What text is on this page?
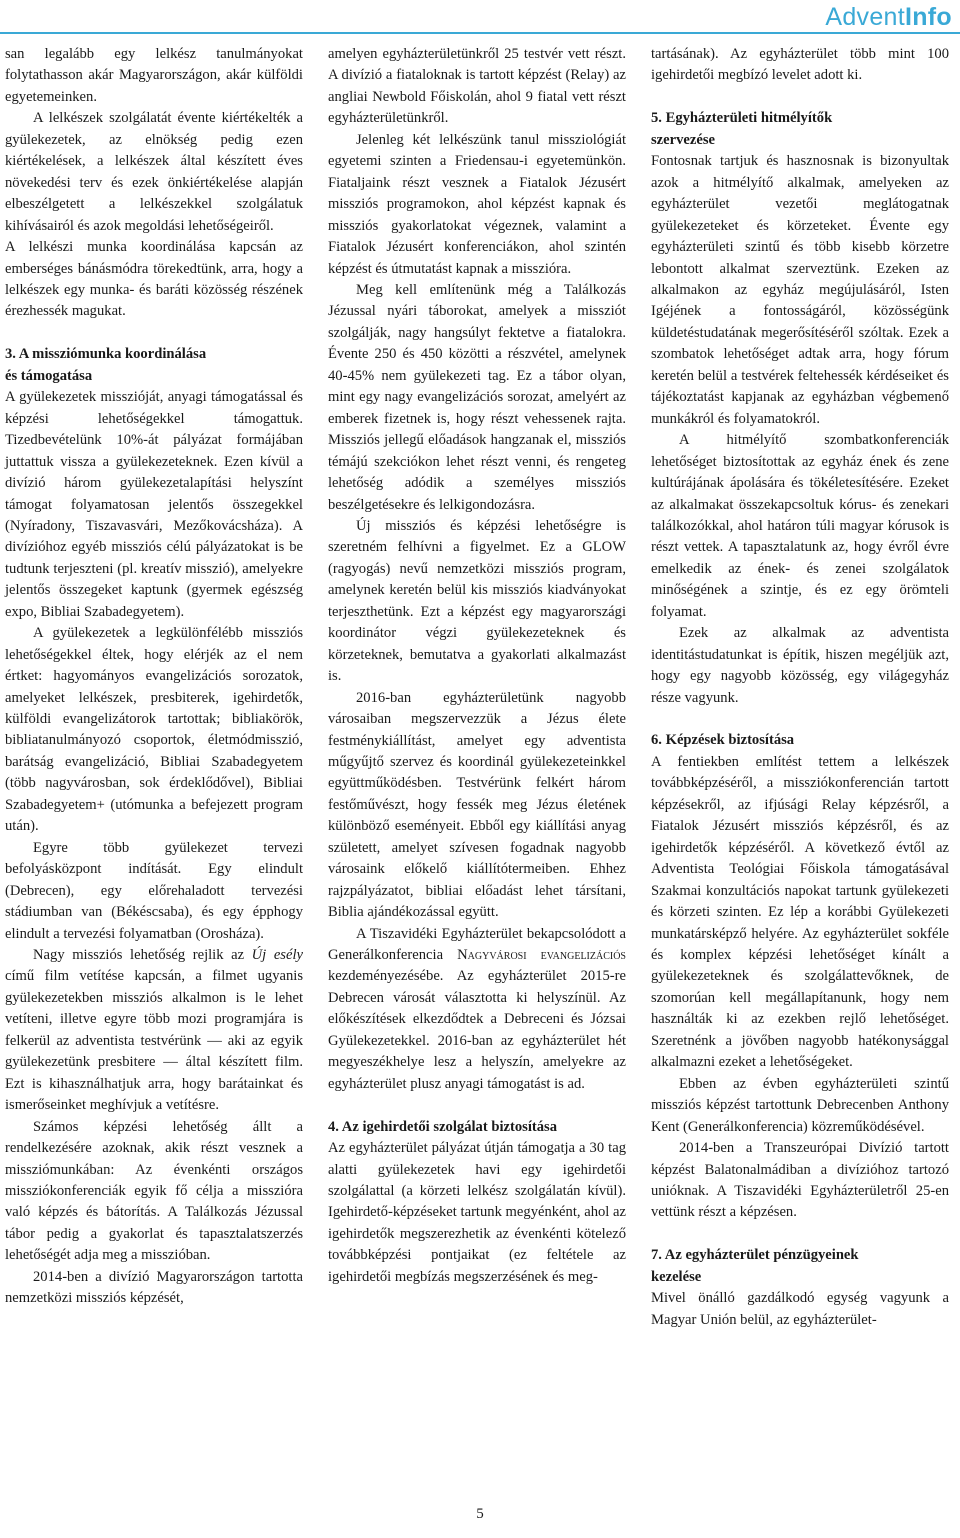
AdventInfo

san legalább egy lelkész tanulmányokat folytathasson akár Magyarországon, akár külföldi egyetemeinken.

A lelkészek szolgálatát évente kiértékelték a gyülekezetek, az elnökség pedig ezen kiértékelések, a lelkészek által készített éves növekedési terv és ezek önkiértékelése alapján elbeszélgetett a lelkészekkel szolgálatuk kihívásairól és azok megoldási lehetőségeiről.

A lelkészi munka koordinálása kapcsán az emberséges bánásmódra törekedtünk, arra, hogy a lelkészek egy munka- és baráti közösség részének érezhessék magukat.

3. A missziómunka koordinálása
és támogatása

A gyülekezetek misszióját, anyagi támogatással és képzési lehetőségekkel támogattuk. Tizedbevételünk 10%-át pályázat formájában juttattuk vissza a gyülekezeteknek. Ezen kívül a divízió három gyülekezetalapítási helyszínt támogat folyamatosan jelentős összegekkel (Nyíradony, Tiszavasvári, Mezőkovácsháza). A divízióhoz egyéb missziós célú pályázatokat is be tudtunk terjeszteni (pl. kreatív misszió), amelyekre jelentős összegeket kaptunk (gyermek egészség expo, Bibliai Szabadegyetem).

A gyülekezetek a legkülönfélébb missziós lehetőségekkel éltek, hogy elérjék az el nem értket: hagyományos evangelizációs sorozatok, amelyeket lelkészek, presbiterek, igehirdetők, külföldi evangelizátorok tartottak; bibliakörök, bibliatanulmányozó csoportok, életmódmisszió, barátság evangelizáció, Bibliai Szabadegyetem (több nagyvárosban, sok érdeklődővel), Bibliai Szabadegyetem+ (utómunka a befejezett program után).

Egyre több gyülekezet tervezi befolyásközpont indítását. Egy elindult (Debrecen), egy előrehaladott tervezési stádiumban van (Békéscsaba), és egy épphogy elindult a tervezési folyamatban (Orosháza).

Nagy missziós lehetőség rejlik az Új esély című film vetítése kapcsán, a filmet ugyanis gyülekezetekben missziós alkalmon is le lehet vetíteni, illetve egyre több mozi programjára is felkerül az adventista testvérünk — aki az egyik gyülekezetünk presbitere — által készített film. Ezt is kihasználhatjuk arra, hogy barátainkat és ismerőseinket meghívjuk a vetítésre.

Számos képzési lehetőség állt a rendelkezésére azoknak, akik részt vesznek a missziómunkában: Az évenkénti országos missziókonferenciák egyik fő célja a misszióra való képzés és bátorítás. A Találkozás Jézussal tábor pedig a gyakorlat és tapasztalatszerzés lehetőségét adja meg a misszióban.

2014-ben a divízió Magyarországon tartotta nemzetközi missziós képzését,

amelyen egyházterületünkről 25 testvér vett részt. A divízió a fiataloknak is tartott képzést (Relay) az angliai Newbold Főiskolán, ahol 9 fiatal vett részt egyházterületünkről.

Jelenleg két lelkészünk tanul missziológiát egyetemi szinten a Friedensau-i egyetemünkön. Fiataljaink részt vesznek a Fiatalok Jézusért missziós programokon, ahol képzést kapnak és missziós gyakorlatokat végeznek, valamint a Fiatalok Jézusért konferenciákon, ahol szintén képzést és útmutatást kapnak a misszióra.

Meg kell említenünk még a Találkozás Jézussal nyári táborokat, amelyek a missziót szolgálják, nagy hangsúlyt fektetve a fiatalokra. Évente 250 és 450 közötti a részvétel, amelynek 40-45% nem gyülekezeti tag. Ez a tábor olyan, mint egy nagy evangelizációs sorozat, amelyért az emberek fizetnek is, hogy részt vehessenek rajta. Missziós jellegű előadások hangzanak el, missziós témájú szekciókon lehet részt venni, és rengeteg lehetőség adódik a személyes missziós beszélgetésekre és lelkigondozásra.

Új missziós és képzési lehetőségre is szeretném felhívni a figyelmet. Ez a GLOW (ragyogás) nevű nemzetközi missziós program, amelynek keretén belül kis missziós kiadványokat terjeszthetünk. Ezt a képzést egy magyarországi koordinátor végzi gyülekezeteknek és körzeteknek, bemutatva a gyakorlati alkalmazást is.

2016-ban egyházterületünk nagyobb városaiban megszervezzük a Jézus élete festménykiállítást, amelyet egy adventista műgyűjtő szervez és koordinál gyülekezeteinkkel együttműködésben. Testvérünk felkért három festőművészt, hogy fessék meg Jézus életének különböző eseményeit. Ebből egy kiállítási anyag született, amelyet szívesen fogadnak nagyobb városaink előkelő kiállítótermeiben. Ehhez rajzpályázatot, bibliai előadást lehet társítani, Biblia ajándékozással együtt.

A Tiszavidéki Egyházterület bekapcsolódott a Generálkonferencia Nagyvárosi evangelizációs kezdeményezésébe. Az egyházterület 2015-re Debrecen városát választotta ki helyszínül. Az előkészítések elkezdődtek a Debreceni és Józsai Gyülekezetekkel. 2016-ban az egyházterület hét megyeszékhelye lesz a helyszín, amelyekre az egyházterület plusz anyagi támogatást is ad.

4. Az igehirdetői szolgálat biztosítása

Az egyházterület pályázat útján támogatja a 30 tag alatti gyülekezetek havi egy igehirdetői szolgálattal (a körzeti lelkész szolgálatán kívül). Igehirdető-képzéseket tartunk megyénként, ahol az igehirdetők megszerezhetik az évenkénti kötelező továbbképzési pontjaikat (ez feltétele az igehirdetői megbízás megszerzésének és meg-

tartásának). Az egyházterület több mint 100 igehirdetői megbízó levelet adott ki.

5. Egyházterületi hitmélyítők
szervezése

Fontosnak tartjuk és hasznosnak is bizonyultak azok a hitmélyítő alkalmak, amelyeken az egyházterület vezetői meglátogatnak gyülekezeteket és körzeteket. Évente egy egyházterületi szintű és több kisebb körzetre lebontott alkalmat szerveztünk. Ezeken az alkalmakon az egyház megújulásáról, Isten Igéjének a fontosságáról, közösségünk küldetéstudatának megerősítéséről szóltak. Ezek a szombatok lehetőséget adtak arra, hogy fórum keretén belül a testvérek feltehessék kérdéseiket és tájékoztatást kapjanak az egyházban végbemenő munkákról és folyamatokról.

A hitmélyítő szombatkonferenciák lehetőséget biztosítottak az egyház ének és zene kultúrájának ápolására és tökéletesítésére. Ezeket az alkalmakat összekapcsoltuk kórus- és zenekari találkozókkal, ahol határon túli magyar kórusok is részt vettek. A tapasztalatunk az, hogy évről évre emelkedik az ének- és zenei szolgálatok minőségének a szintje, és ez egy örömteli folyamat.

Ezek az alkalmak az adventista identitástudatunkat is építik, hiszen megéljük azt, hogy egy nagyobb közösség, egy világegyház része vagyunk.

6. Képzések biztosítása

A fentiekben említést tettem a lelkészek továbbképzéséről, a missziókonferencián tartott képzésekről, az ifjúsági Relay képzésről, a Fiatalok Jézusért missziós képzésről, és az igehirdetők képzéséről. A következő évtől az Adventista Teológiai Főiskola támogatásával Szakmai konzultációs napokat tartunk gyülekezeti és körzeti szinten. Ez lép a korábbi Gyülekezeti munkatársképző helyére. Az egyházterület sokféle és komplex képzési lehetőséget kínált a gyülekezeteknek és szolgálattevőknek, de szomorúan kell megállapítanunk, hogy nem használták ki az ezekben rejlő lehetőséget. Szeretnénk a jövőben nagyobb hatékonysággal alkalmazni ezeket a lehetőségeket.

Ebben az évben egyházterületi szintű missziós képzést tartottunk Debrecenben Anthony Kent (Generálkonferencia) közreműködésével.

2014-ben a Transzeurópai Divízió tartott képzést Balatonalmádiban a divízióhoz tartozó unióknak. A Tiszavidéki Egyházterületről 25-en vettünk részt a képzésen.

7. Az egyházterület pénzügyeinek
kezelése

Mivel önálló gazdálkodó egység vagyunk a Magyar Unión belül, az egyházterület-

5
